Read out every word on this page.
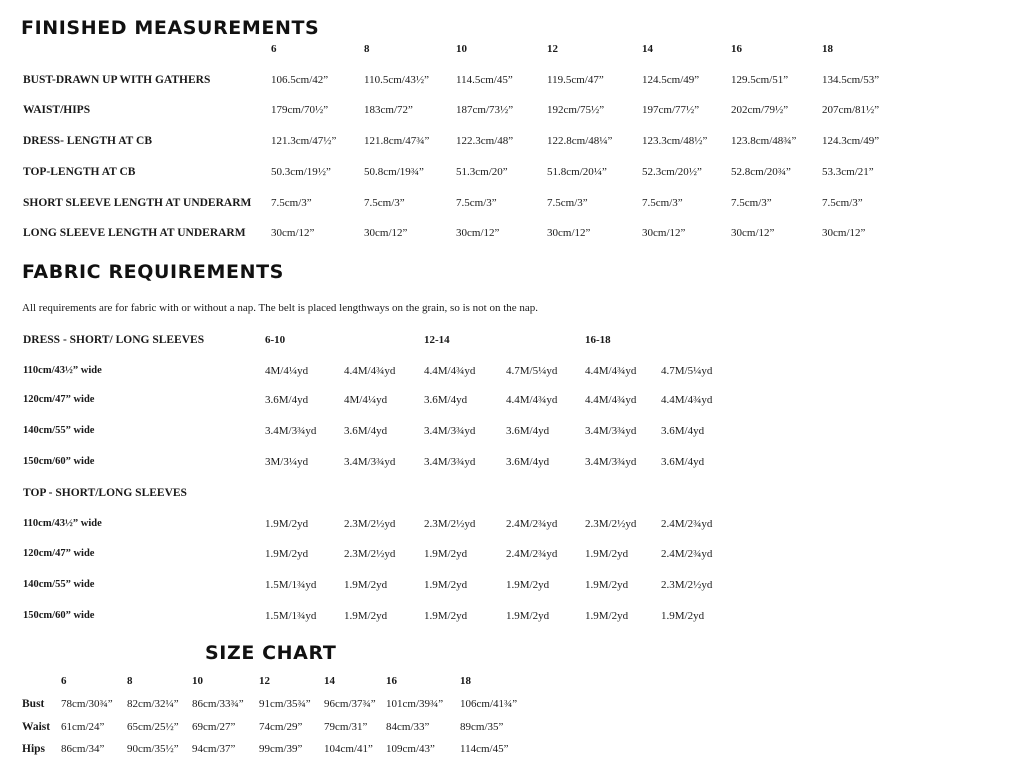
FINISHED MEASUREMENTS
6	8	10	12	14	16	18
BUST-DRAWN UP WITH GATHERS	106.5cm/42”	110.5cm/43½” 114.5cm/45”	119.5cm/47”	124.5cm/49”	129.5cm/51”	134.5cm/53”
WAIST/HIPS	179cm/70½”	183cm/72”	187cm/73½”	192cm/75½”	197cm/77½”	202cm/79½”	207cm/81½”
DRESS- LENGTH AT CB	121.3cm/47½”	121.8cm/47¾” 122.3cm/48”	122.8cm/48¼”	123.3cm/48½” 123.8cm/48¾” 124.3cm/49”
TOP-LENGTH AT CB	50.3cm/19½”	50.8cm/19¾”	51.3cm/20”	51.8cm/20¼”	52.3cm/20½”	52.8cm/20¾”	53.3cm/21”
SHORT SLEEVE LENGTH AT UNDERARM 7.5cm/3”	7.5cm/3”	7.5cm/3”	7.5cm/3”	7.5cm/3”	7.5cm/3”	7.5cm/3”
LONG SLEEVE LENGTH AT UNDERARM 30cm/12”	30cm/12”	30cm/12”	30cm/12”	30cm/12”	30cm/12”	30cm/12”
FABRIC REQUIREMENTS
All requirements are for fabric with or without a nap. The belt is placed lengthways on the grain, so is not on the nap.
DRESS - SHORT/ LONG SLEEVES	6-10	12-14	16-18
110cm/43½” wide	4M/4¼yd	4.4M/4¾yd	4.4M/4¾yd	4.7M/5¼yd	4.4M/4¾yd 4.7M/5¼yd
120cm/47” wide	3.6M/4yd	4M/4¼yd	3.6M/4yd	4.4M/4¾yd	4.4M/4¾yd 4.4M/4¾yd
140cm/55” wide	3.4M/3¾yd	3.6M/4yd	3.4M/3¾yd	3.6M/4yd	3.4M/3¾yd 3.6M/4yd
150cm/60” wide	3M/3¼yd	3.4M/3¾yd	3.4M/3¾yd	3.6M/4yd	3.4M/3¾yd 3.6M/4yd
TOP - SHORT/LONG SLEEVES
110cm/43½” wide	1.9M/2yd	2.3M/2½yd	2.3M/2½yd	2.4M/2¾yd	2.3M/2½yd 2.4M/2¾yd
120cm/47” wide	1.9M/2yd	2.3M/2½yd	1.9M/2yd	2.4M/2¾yd	1.9M/2yd	2.4M/2¾yd
140cm/55” wide	1.5M/1¾yd	1.9M/2yd	1.9M/2yd	1.9M/2yd	1.9M/2yd	2.3M/2½yd
150cm/60” wide	1.5M/1¾yd	1.9M/2yd	1.9M/2yd	1.9M/2yd	1.9M/2yd	1.9M/2yd
SIZE CHART
6	8	10	12	14	16	18
Bust 78cm/30¾” 82cm/32¼” 86cm/33¾” 91cm/35¾” 96cm/37¾” 101cm/39¾” 106cm/41¾”
Waist 61cm/24” 65cm/25½” 69cm/27” 74cm/29” 79cm/31” 84cm/33”	89cm/35”
Hips 86cm/34” 90cm/35½” 94cm/37” 99cm/39” 104cm/41” 109cm/43” 114cm/45”
